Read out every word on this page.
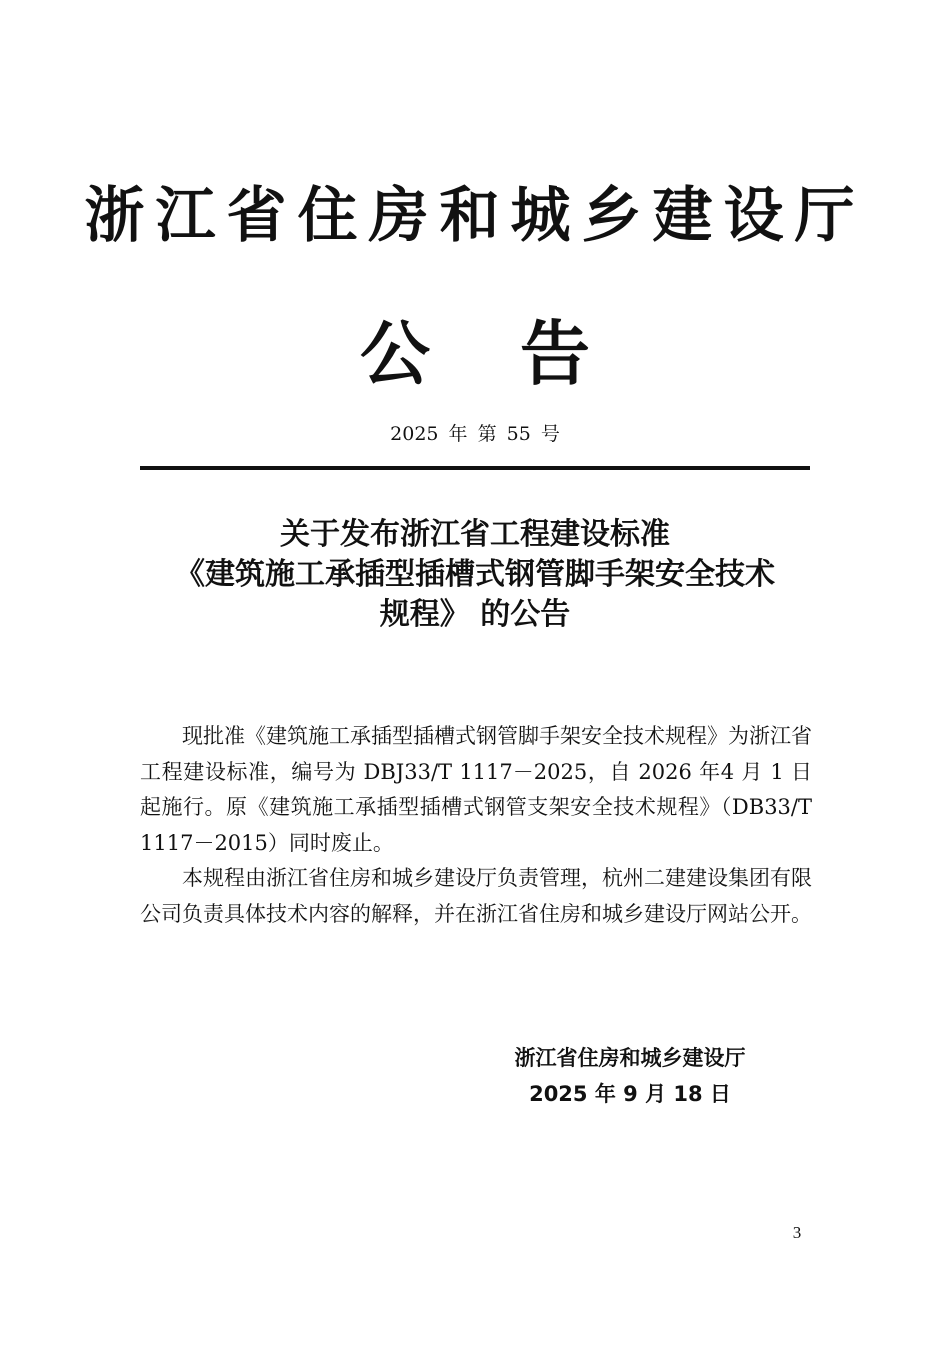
浙江省住房和城乡建设厅
公告
2025 年 第 55 号
关于发布浙江省工程建设标准
《建筑施工承插型插槽式钢管脚手架安全技术
规程》 的公告

现批准《建筑施工承插型插槽式钢管脚手架安全技术规程》为浙江省工程建设标准，编号为 DBJ33/T 1117－2025，自 2026 年4 月 1 日起施行。原《建筑施工承插型插槽式钢管支架安全技术规程》（DB33/T 1117－2015）同时废止。

本规程由浙江省住房和城乡建设厅负责管理，杭州二建建设集团有限公司负责具体技术内容的解释，并在浙江省住房和城乡建设厅网站公开。

浙江省住房和城乡建设厅
2025 年 9 月 18 日
3
